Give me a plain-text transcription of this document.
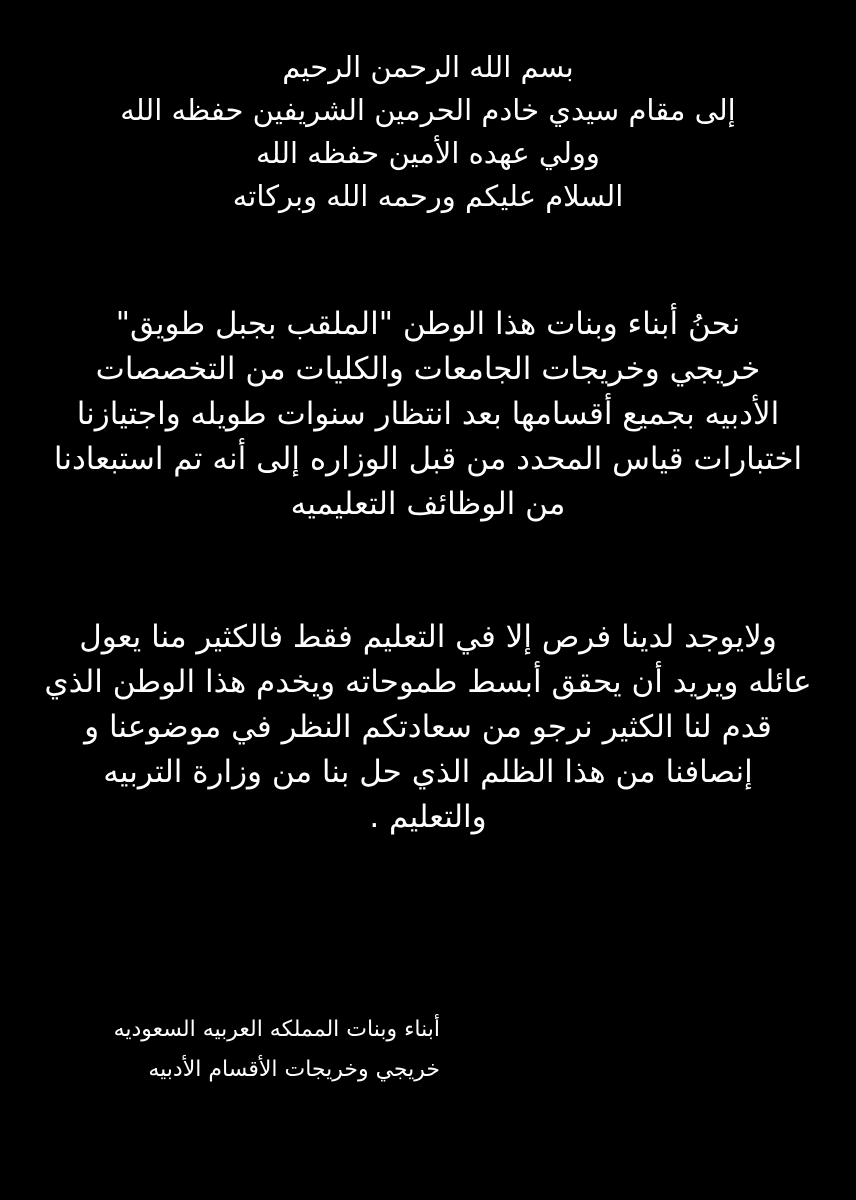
بسم الله الرحمن الرحيم
إلى مقام سيدي خادم الحرمين الشريفين حفظه الله
وولي عهده الأمين حفظه الله
السلام عليكم ورحمه الله وبركاته
نحنُ أبناء وبنات هذا الوطن "الملقب بجبل طويق"
خريجي وخريجات الجامعات والكليات من التخصصات
الأدبيه بجميع أقسامها بعد انتظار سنوات طويله واجتيازنا
اختبارات قياس المحدد من قبل الوزاره إلى أنه تم استبعادنا
من الوظائف التعليميه
ولايوجد لدينا فرص إلا في التعليم فقط فالكثير منا يعول
عائله ويريد أن يحقق أبسط طموحاته ويخدم هذا الوطن الذي
قدم لنا الكثير نرجو من سعادتكم النظر في موضوعنا و
إنصافنا من هذا الظلم الذي حل بنا من وزارة التربيه
والتعليم .
أبناء وبنات المملكه العربيه السعوديه
خريجي وخريجات الأقسام الأدبيه
